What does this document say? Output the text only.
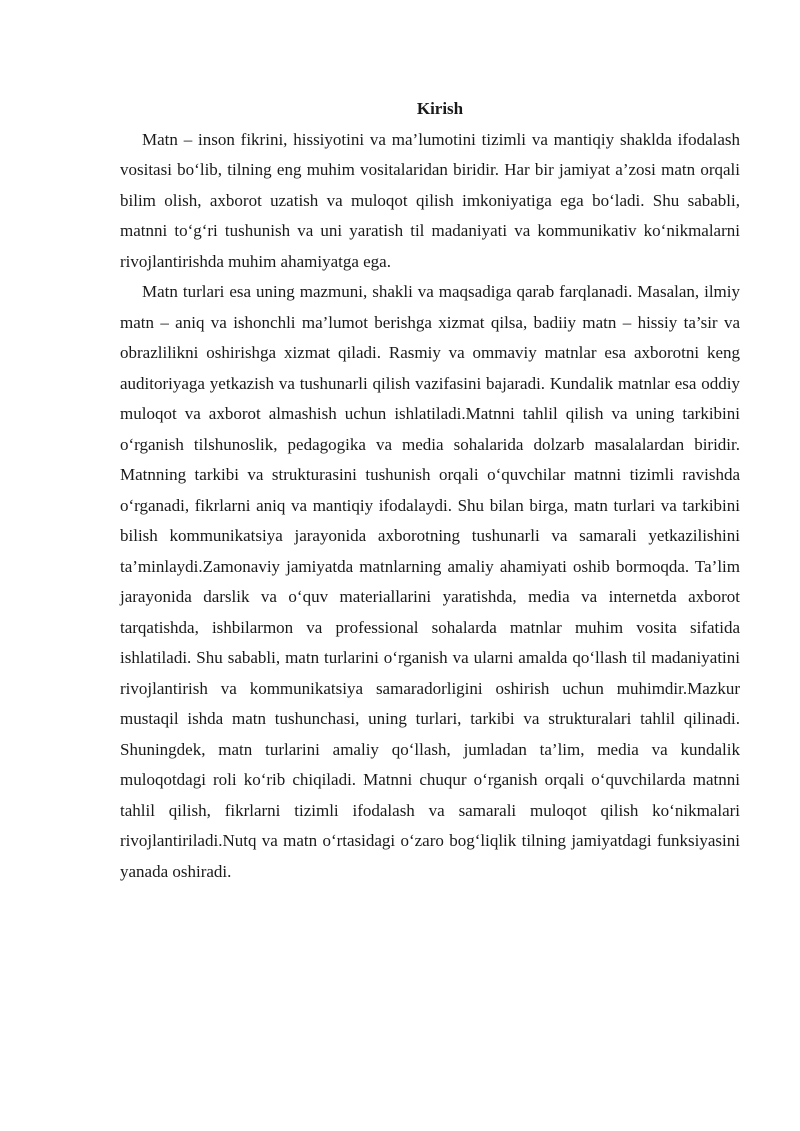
Kirish

Matn – inson fikrini, hissiyotini va ma’lumotini tizimli va mantiqiy shaklda ifodalash vositasi bo‘lib, tilning eng muhim vositalaridan biridir. Har bir jamiyat a’zosi matn orqali bilim olish, axborot uzatish va muloqot qilish imkoniyatiga ega bo‘ladi. Shu sababli, matnni to‘g‘ri tushunish va uni yaratish til madaniyati va kommunikativ ko‘nikmalarni rivojlantirishda muhim ahamiyatga ega.

Matn turlari esa uning mazmuni, shakli va maqsadiga qarab farqlanadi. Masalan, ilmiy matn – aniq va ishonchli ma’lumot berishga xizmat qilsa, badiiy matn – hissiy ta’sir va obrazlilikni oshirishga xizmat qiladi. Rasmiy va ommaviy matnlar esa axborotni keng auditoriyaga yetkazish va tushunarli qilish vazifasini bajaradi. Kundalik matnlar esa oddiy muloqot va axborot almashish uchun ishlatiladi.Matnni tahlil qilish va uning tarkibini o‘rganish tilshunoslik, pedagogika va media sohalarida dolzarb masalalardan biridir. Matnning tarkibi va strukturasini tushunish orqali o‘quvchilar matnni tizimli ravishda o‘rganadi, fikrlarni aniq va mantiqiy ifodalaydi. Shu bilan birga, matn turlari va tarkibini bilish kommunikatsiya jarayonida axborotning tushunarli va samarali yetkazilishini ta’minlaydi.Zamonaviy jamiyatda matnlarning amaliy ahamiyati oshib bormoqda. Ta’lim jarayonida darslik va o‘quv materiallarini yaratishda, media va internetda axborot tarqatishda, ishbilarmon va professional sohalarda matnlar muhim vosita sifatida ishlatiladi. Shu sababli, matn turlarini o‘rganish va ularni amalda qo‘llash til madaniyatini rivojlantirish va kommunikatsiya samaradorligini oshirish uchun muhimdir.Mazkur mustaqil ishda matn tushunchasi, uning turlari, tarkibi va strukturalari tahlil qilinadi. Shuningdek, matn turlarini amaliy qo‘llash, jumladan ta’lim, media va kundalik muloqotdagi roli ko‘rib chiqiladi. Matnni chuqur o‘rganish orqali o‘quvchilarda matnni tahlil qilish, fikrlarni tizimli ifodalash va samarali muloqot qilish ko‘nikmalari rivojlantiriladi.Nutq va matn o‘rtasidagi o‘zaro bog‘liqlik tilning jamiyatdagi funksiyasini yanada oshiradi.
